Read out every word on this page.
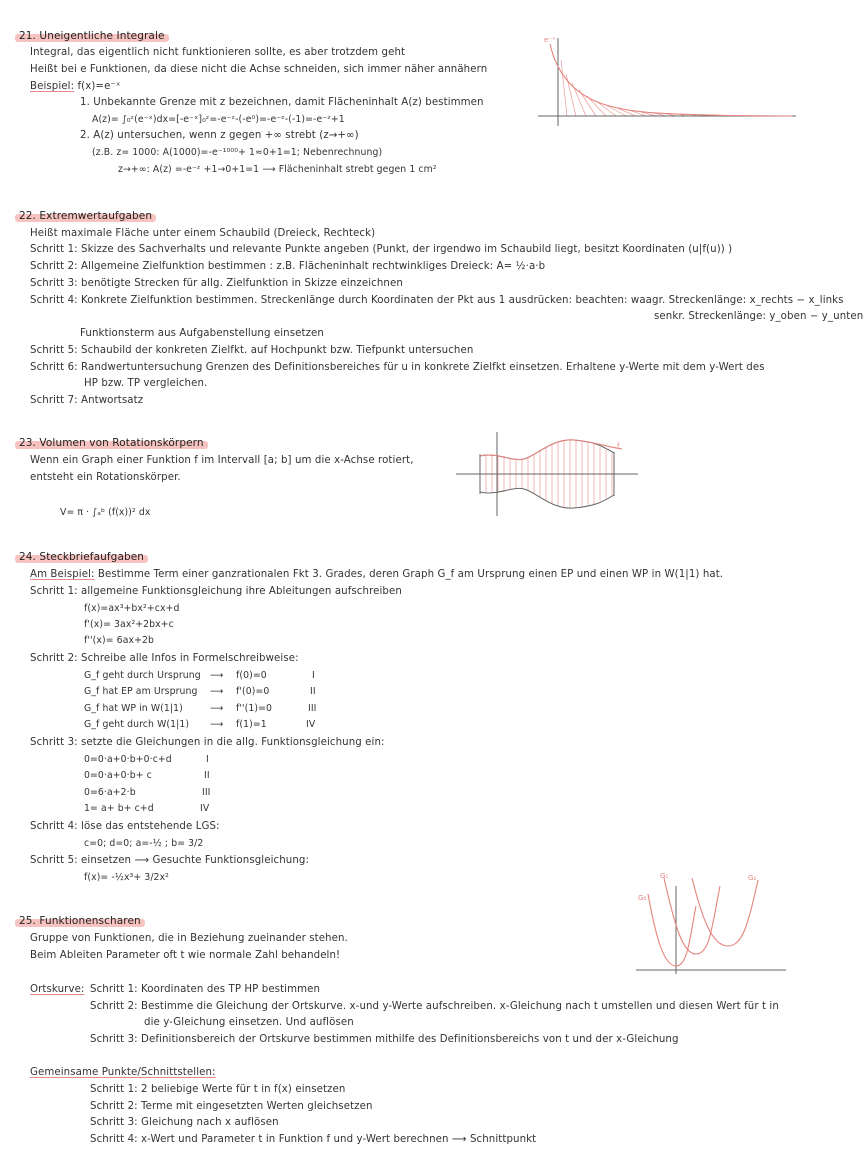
21. Uneigentliche Integrale
Integral, das eigentlich nicht funktionieren sollte, es aber trotzdem geht
Heißt bei e Funktionen, da diese nicht die Achse schneiden, sich immer näher annähern
Beispiel: f(x)=e⁻ˣ
1. Unbekannte Grenze mit z bezeichnen, damit Flächeninhalt A(z) bestimmen
A(z)= ∫₀ᶻ(e⁻ˣ)dx=[-e⁻ˣ]₀ᶻ=-e⁻ᶻ-(-e⁰)=-e⁻ᶻ-(-1)=-e⁻ᶻ+1
2. A(z) untersuchen, wenn z gegen +∞ strebt (z→+∞)
(z.B. z= 1000: A(1000)=-e⁻¹⁰⁰⁰+ 1≈0+1=1; Nebenrechnung)
z→+∞: A(z) =-e⁻ᶻ +1→0+1=1 ⟶ Flächeninhalt strebt gegen 1 cm²
e⁻ˣ
22. Extremwertaufgaben
Heißt maximale Fläche unter einem Schaubild (Dreieck, Rechteck)
Schritt 1: Skizze des Sachverhalts und relevante Punkte angeben (Punkt, der irgendwo im Schaubild liegt, besitzt Koordinaten (u|f(u)) )
Schritt 2: Allgemeine Zielfunktion bestimmen : z.B. Flächeninhalt rechtwinkliges Dreieck: A= ½·a·b
Schritt 3: benötigte Strecken für allg. Zielfunktion in Skizze einzeichnen
Schritt 4: Konkrete Zielfunktion bestimmen. Streckenlänge durch Koordinaten der Pkt aus 1 ausdrücken: beachten: waagr. Streckenlänge: x_rechts − x_links
senkr. Streckenlänge: y_oben − y_unten
Funktionsterm aus Aufgabenstellung einsetzen
Schritt 5: Schaubild der konkreten Zielfkt. auf Hochpunkt bzw. Tiefpunkt untersuchen
Schritt 6: Randwertuntersuchung Grenzen des Definitionsbereiches für u in konkrete Zielfkt einsetzen. Erhaltene y-Werte mit dem y-Wert des
HP bzw. TP vergleichen.
Schritt 7: Antwortsatz
23. Volumen von Rotationskörpern
Wenn ein Graph einer Funktion f im Intervall [a; b] um die x-Achse rotiert,
entsteht ein Rotationskörper.
V= π · ∫ₐᵇ (f(x))² dx
f
24. Steckbriefaufgaben
Am Beispiel: Bestimme Term einer ganzrationalen Fkt 3. Grades, deren Graph G_f am Ursprung einen EP und einen WP in W(1|1) hat.
Schritt 1: allgemeine Funktionsgleichung ihre Ableitungen aufschreiben
f(x)=ax³+bx²+cx+d
f'(x)= 3ax²+2bx+c
f''(x)= 6ax+2b
Schritt 2: Schreibe alle Infos in Formelschreibweise:
G_f geht durch Ursprung ⟶ f(0)=0	I
G_f hat EP am Ursprung ⟶ f'(0)=0	II
G_f hat WP in W(1|1)	⟶ f''(1)=0	III
G_f geht durch W(1|1) ⟶ f(1)=1	IV
Schritt 3: setzte die Gleichungen in die allg. Funktionsgleichung ein:
0=0·a+0·b+0·c+d	I
0=0·a+0·b+ c	II
0=6·a+2·b	III
1= a+ b+ c+d	IV
Schritt 4: löse das entstehende LGS:
c=0; d=0; a=-½ ; b= 3/2
Schritt 5: einsetzen ⟶ Gesuchte Funktionsgleichung:
f(x)= -½x³+ 3/2x²
25. Funktionenscharen
Gruppe von Funktionen, die in Beziehung zueinander stehen.
Beim Ableiten Parameter oft t wie normale Zahl behandeln!
Ortskurve: Schritt 1: Koordinaten des TP HP bestimmen
Schritt 2: Bestimme die Gleichung der Ortskurve. x-und y-Werte aufschreiben. x-Gleichung nach t umstellen und diesen Wert für t in
die y-Gleichung einsetzen. Und auflösen
Schritt 3: Definitionsbereich der Ortskurve bestimmen mithilfe des Definitionsbereichs von t und der x-Gleichung
Gemeinsame Punkte/Schnittstellen:
Schritt 1: 2 beliebige Werte für t in f(x) einsetzen
Schritt 2: Terme mit eingesetzten Werten gleichsetzen
Schritt 3: Gleichung nach x auflösen
Schritt 4: x-Wert und Parameter t in Funktion f und y-Wert berechnen ⟶ Schnittpunkt
G₀
G₁	G₂
